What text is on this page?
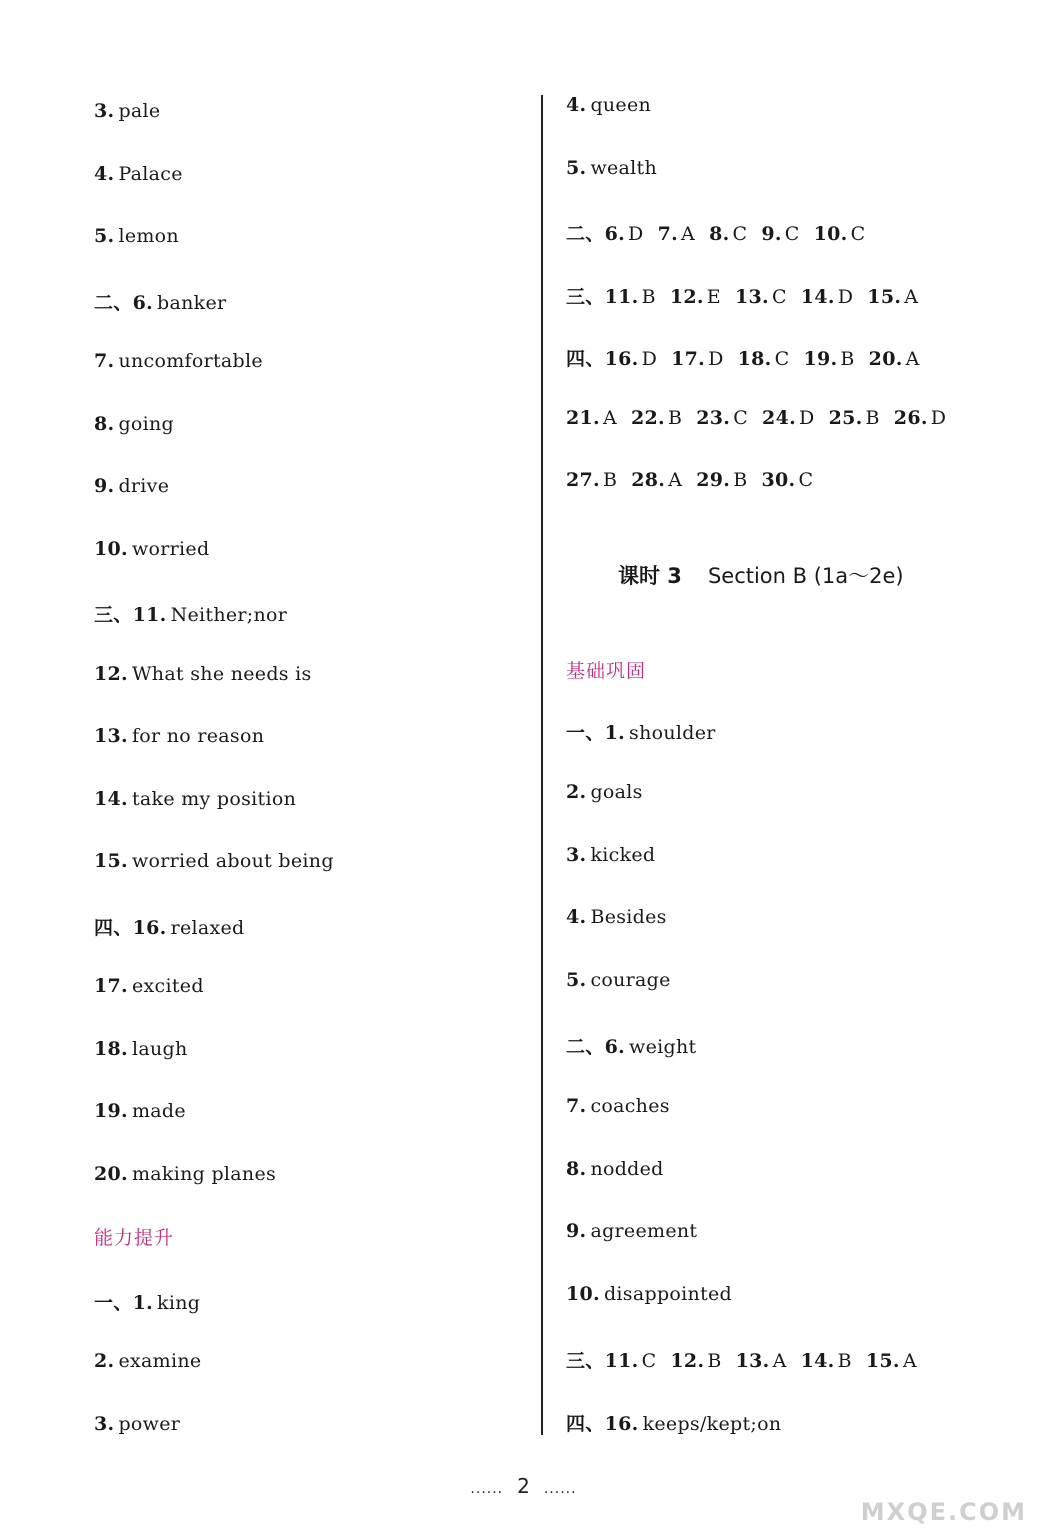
3. pale
4. Palace
5. lemon
二、6. banker
7. uncomfortable
8. going
9. drive
10. worried
三、11. Neither;nor
12. What she needs is
13. for no reason
14. take my position
15. worried about being
四、16. relaxed
17. excited
18. laugh
19. made
20. making planes
能力提升
一、1. king
2. examine
3. power
4. queen
5. wealth
二、6. D 7. A 8. C 9. C 10. C
三、11. B 12. E 13. C 14. D 15. A
四、16. D 17. D 18. C 19. B 20. A
21. A 22. B 23. C 24. D 25. B 26. D
27. B 28. A 29. B 30. C
基础巩固
一、1. shoulder
2. goals
3. kicked
4. Besides
5. courage
二、6. weight
7. coaches
8. nodded
9. agreement
10. disappointed
三、11. C 12. B 13. A 14. B 15. A
四、16. keeps/kept;on
课时 3 Section B (1a～2e)
...... 2 ......
MXQE.COM
